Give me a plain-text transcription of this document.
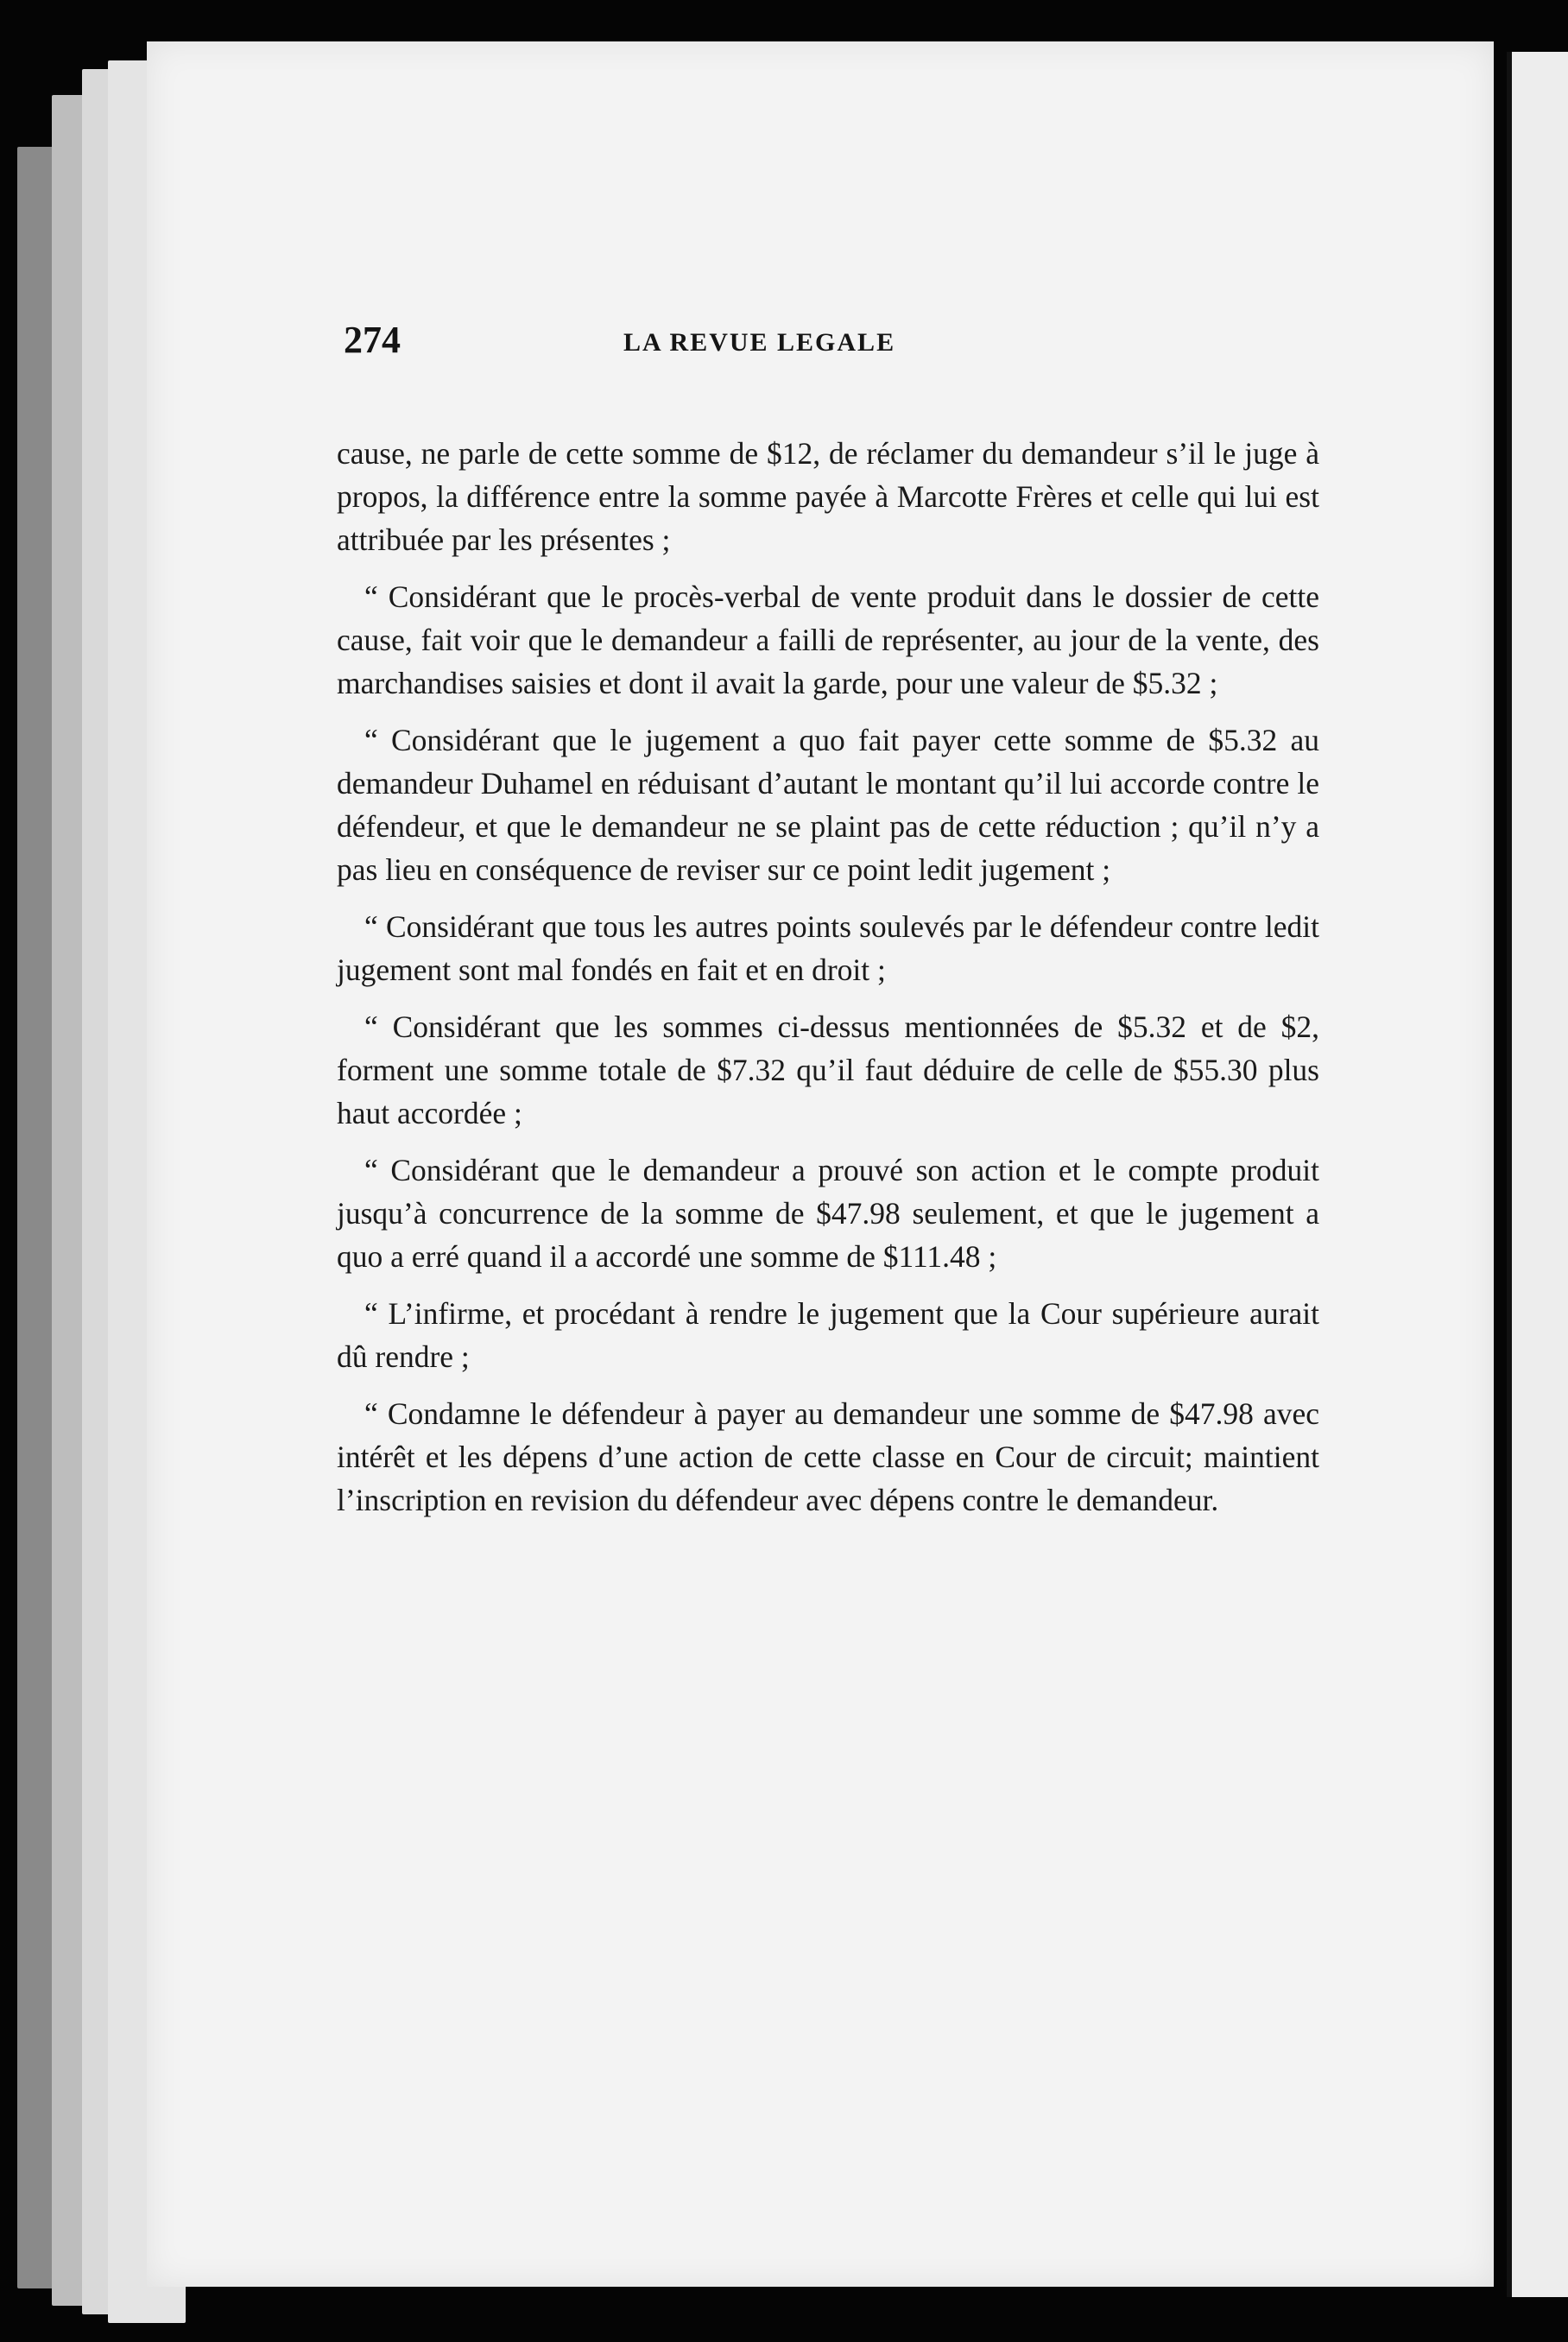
274	LA REVUE LEGALE

cause, ne parle de cette somme de $12, de réclamer du demandeur s’il le juge à propos, la différence entre la somme payée à Marcotte Frères et celle qui lui est attribuée par les présentes ;

“ Considérant que le procès-verbal de vente produit dans le dossier de cette cause, fait voir que le demandeur a failli de représenter, au jour de la vente, des marchandises saisies et dont il avait la garde, pour une valeur de $5.32 ;

“ Considérant que le jugement a quo fait payer cette somme de $5.32 au demandeur Duhamel en réduisant d’autant le montant qu’il lui accorde contre le défendeur, et que le demandeur ne se plaint pas de cette réduction ; qu’il n’y a pas lieu en conséquence de reviser sur ce point ledit jugement ;

“ Considérant que tous les autres points soulevés par le défendeur contre ledit jugement sont mal fondés en fait et en droit ;

“ Considérant que les sommes ci-dessus mentionnées de $5.32 et de $2, forment une somme totale de $7.32 qu’il faut déduire de celle de $55.30 plus haut accordée ;

“ Considérant que le demandeur a prouvé son action et le compte produit jusqu’à concurrence de la somme de $47.98 seulement, et que le jugement a quo a erré quand il a accordé une somme de $111.48 ;

“ L’infirme, et procédant à rendre le jugement que la Cour supérieure aurait dû rendre ;

“ Condamne le défendeur à payer au demandeur une somme de $47.98 avec intérêt et les dépens d’une action de cette classe en Cour de circuit; maintient l’inscription en revision du défendeur avec dépens contre le demandeur.
